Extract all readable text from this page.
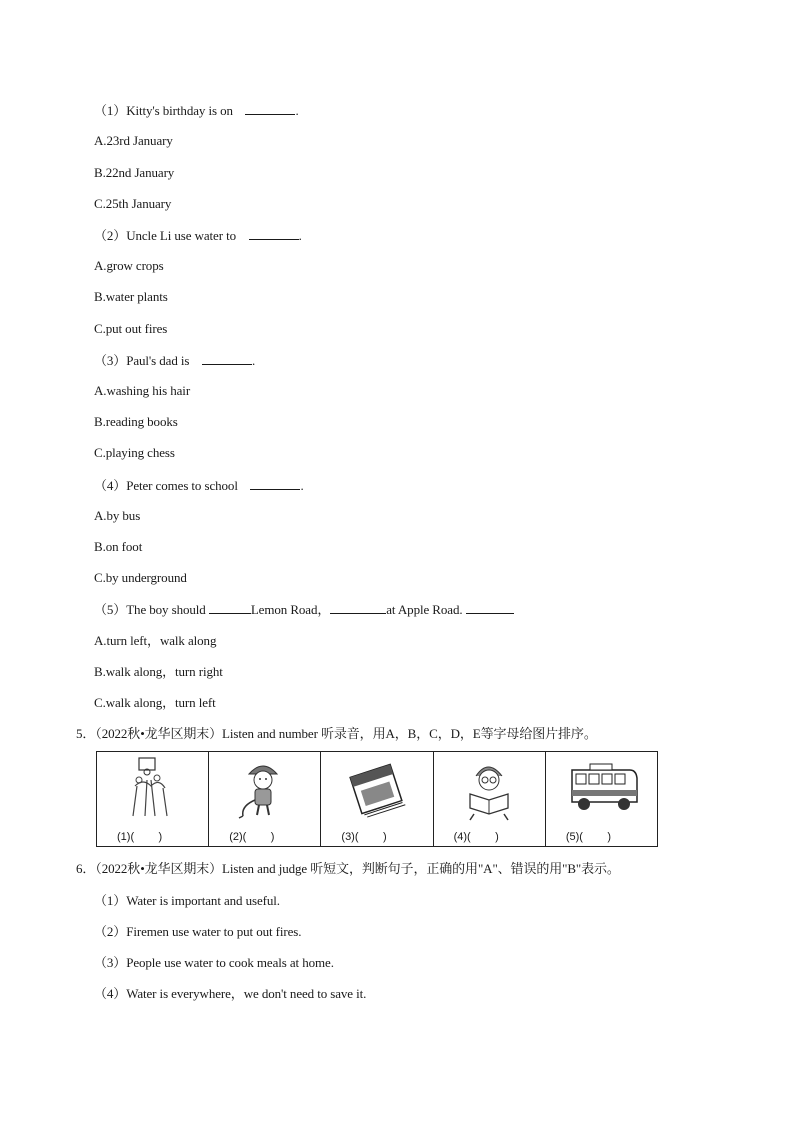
（1）Kitty's birthday is on	.
A.23rd January
B.22nd January
C.25th January
（2）Uncle Li use water to	.
A.grow crops
B.water plants
C.put out fires
（3）Paul's dad is	.
A.washing his hair
B.reading books
C.playing chess
（4）Peter comes to school	.
A.by bus
B.on foot
C.by underground
（5）The boy should	Lemon Road，	at Apple Road.
A.turn left，walk along
B.walk along，turn right
C.walk along，turn left
5．（2022秋•龙华区期末）Listen and number 听录音，用A，B，C，D，E等字母给图片排序。
(1)(        )	(2)(        )	(3)(        )	(4)(        )	(5)(        )
6．（2022秋•龙华区期末）Listen and judge 听短文，判断句子，正确的用"A"、错误的用"B"表示。
（1）Water is important and useful.
（2）Firemen use water to put out fires.
（3）People use water to cook meals at home.
（4）Water is everywhere，we don't need to save it.
